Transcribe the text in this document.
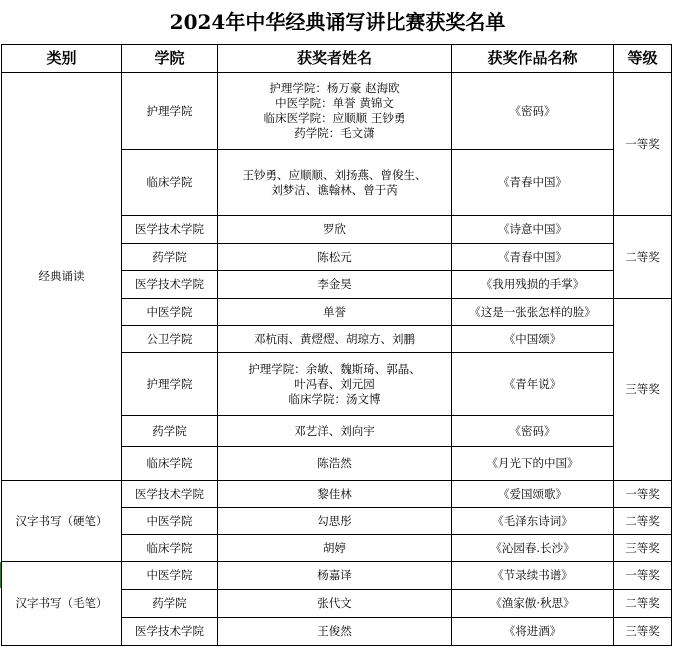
2024年中华经典诵写讲比赛获奖名单
类别	学院	获奖者姓名	获奖作品名称	等级
经典诵读	护理学院	护理学院：杨万豪 赵海欧
中医学院：单誉 黄锦文
临床医学院：应顺顺 王钞勇
药学院：毛文潇	《密码》	一等奖
	临床学院	王钞勇、应顺顺、刘扬燕、曾俊生、
刘梦洁、谯翰林、曾于芮	《青春中国》	
	医学技术学院	罗欣	《诗意中国》	二等奖
	药学院	陈松元	《青春中国》	
	医学技术学院	李金昊	《我用残损的手掌》	
	中医学院	单誉	《这是一张张怎样的脸》	三等奖
	公卫学院	邓杭雨、黄熤熤、胡琼方、刘鹏	《中国颂》	
	护理学院	护理学院：余敏、魏斯琦、郭晶、
叶冯春、刘元园
临床学院：汤文博	《青年说》	
	药学院	邓艺洋、刘向宇	《密码》	
	临床学院	陈浩然	《月光下的中国》	
汉字书写（硬笔）	医学技术学院	黎佳林	《爱国颂歌》	一等奖
	中医学院	勾思彤	《毛泽东诗词》	二等奖
	临床学院	胡婷	《沁园春.长沙》	三等奖
汉字书写（毛笔）	中医学院	杨嘉译	《节录续书谱》	一等奖
	药学院	张代文	《渔家傲·秋思》	二等奖
	医学技术学院	王俊然	《将进酒》	三等奖
